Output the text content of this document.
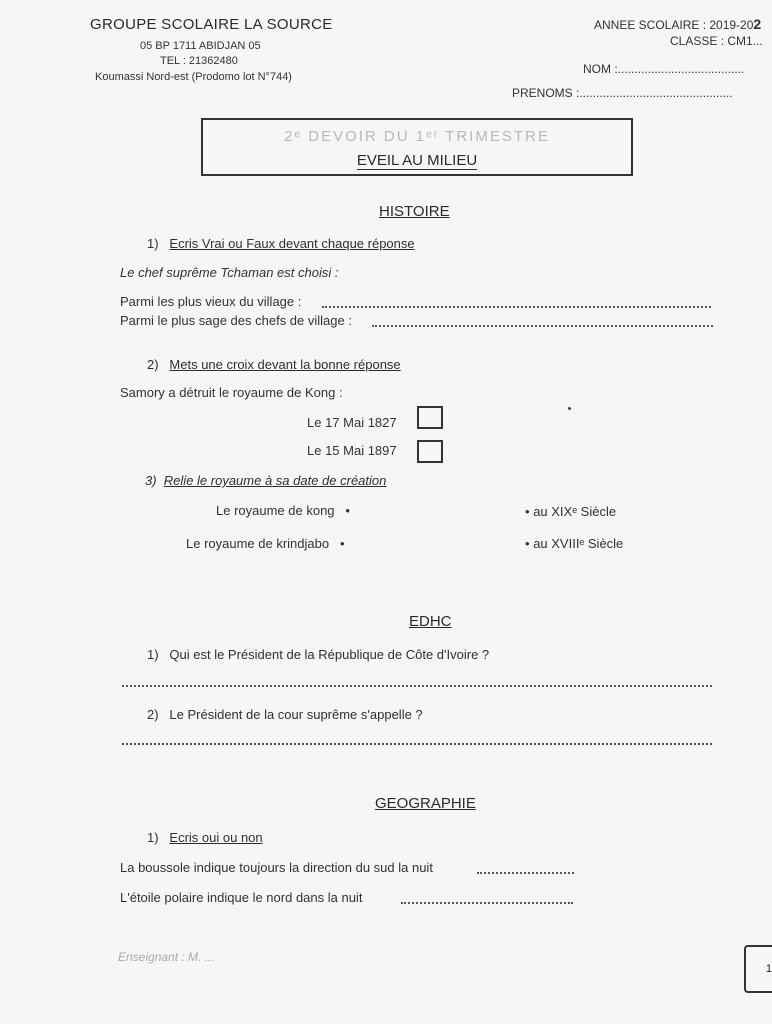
GROUPE SCOLAIRE LA SOURCE
05 BP 1711 ABIDJAN 05
TEL : 21362480
Koumassi Nord-est (Prodomo lot N°744)
ANNEE SCOLAIRE : 2019-202
CLASSE : CM1...
NOM :......................................
PRENOMS :..............................................
2ᵉ DEVOIR DU 1ᵉʳ TRIMESTRE
EVEIL AU MILIEU
HISTOIRE
1) Ecris Vrai ou Faux devant chaque réponse
Le chef suprême Tchaman est choisi :
Parmi les plus vieux du village :
Parmi le plus sage des chefs de village :
2) Mets une croix devant la bonne réponse
Samory a détruit le royaume de Kong :
Le 17 Mai 1827
Le 15 Mai 1897
3) Relie le royaume à sa date de création
Le royaume de kong •	• au XIXᵉ Siècle
Le royaume de krindjabo •	• au XVIIIᵉ Siècle
EDHC
1) Qui est le Président de la République de Côte d'Ivoire ?
2) Le Président de la cour suprême s'appelle ?
GEOGRAPHIE
1) Ecris oui ou non
La boussole indique toujours la direction du sud la nuit
L'étoile polaire indique le nord dans la nuit
Enseignant : M. ...
1
